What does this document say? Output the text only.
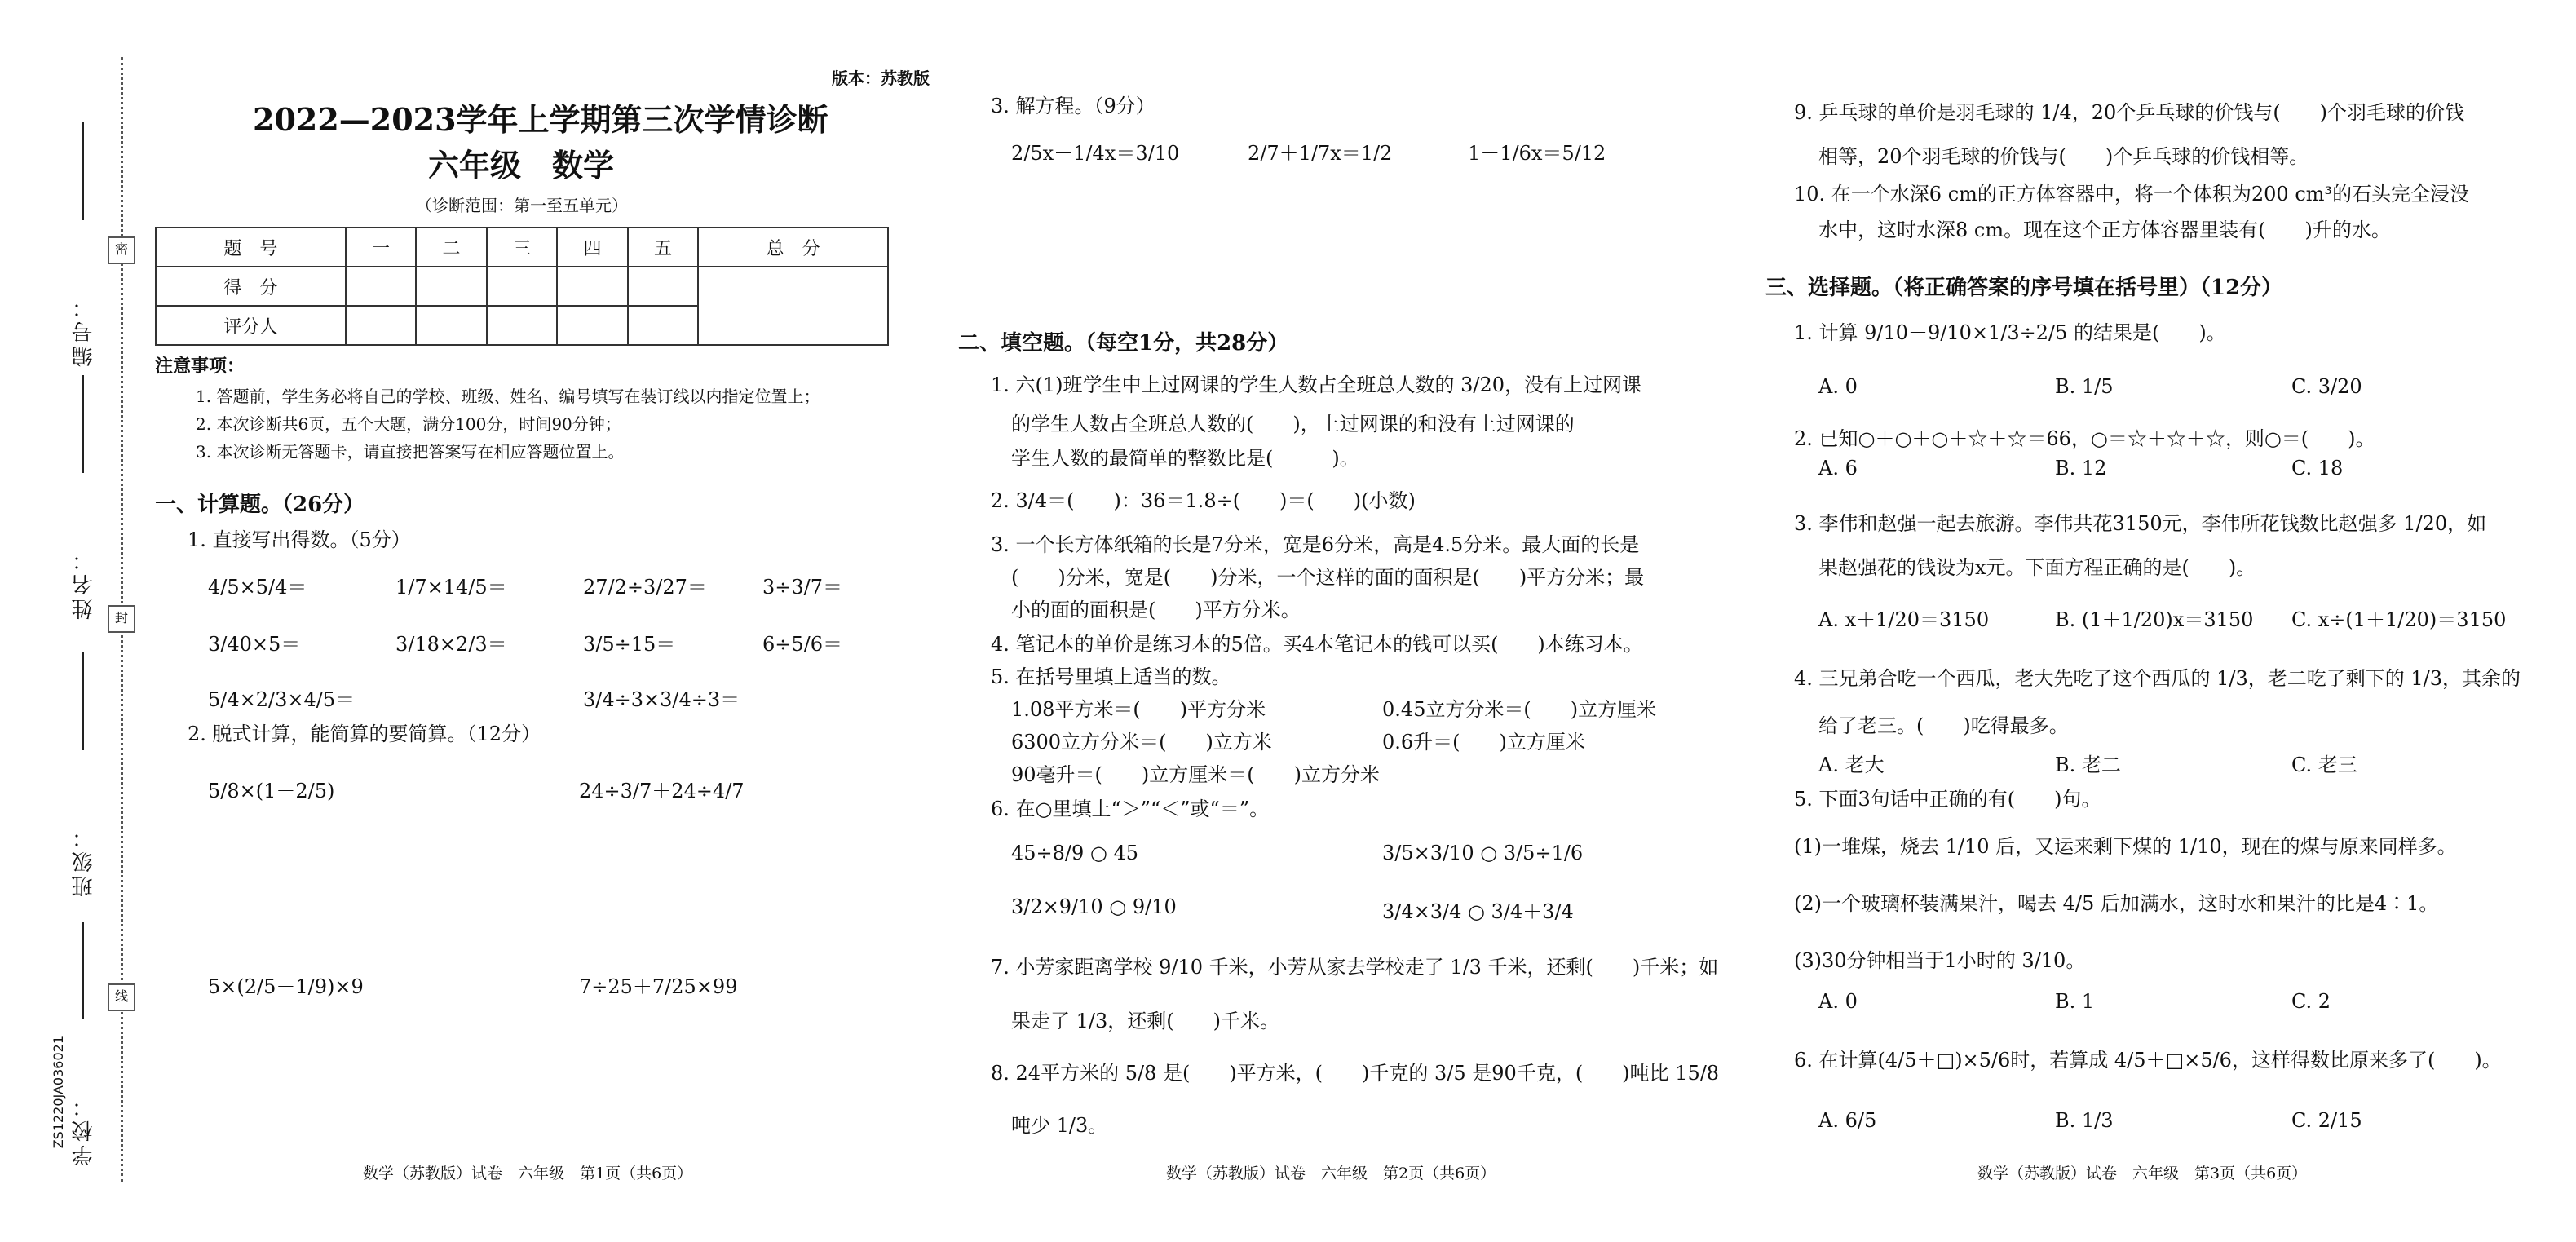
密
封
线
编号：
姓名：
班级：
学校：
ZS1220JA036021
版本：苏教版
2022—2023学年上学期第三次学情诊断
六年级　数学
（诊断范围：第一至五单元）
题　号	一	二	三	四	五	总　分
得　分						
评分人						
注意事项：
1. 答题前，学生务必将自己的学校、班级、姓名、编号填写在装订线以内指定位置上；
2. 本次诊断共6页，五个大题，满分100分，时间90分钟；
3. 本次诊断无答题卡，请直接把答案写在相应答题位置上。
一、计算题。（26分）
1. 直接写出得数。（5分）
4/5×5/4＝	1/7×14/5＝	27/2÷3/27＝	3÷3/7＝
3/40×5＝	3/18×2/3＝	3/5÷15＝	6÷5/6＝
5/4×2/3×4/5＝	3/4÷3×3/4÷3＝
2. 脱式计算，能简算的要简算。（12分）
5/8×(1－2/5)	24÷3/7＋24÷4/7
5×(2/5－1/9)×9	7÷25＋7/25×99
数学（苏教版）试卷　六年级　第1页（共6页）
3. 解方程。（9分）
2/5x－1/4x＝3/10	2/7＋1/7x＝1/2	1－1/6x＝5/12
二、填空题。（每空1分，共28分）
1. 六(1)班学生中上过网课的学生人数占全班总人数的 3/20，没有上过网课
的学生人数占全班总人数的(　　)，上过网课的和没有上过网课的
学生人数的最简单的整数比是(　　　)。
2. 3/4＝(　　)：36＝1.8÷(　　)＝(　　)(小数)
3. 一个长方体纸箱的长是7分米，宽是6分米，高是4.5分米。最大面的长是
(　　)分米，宽是(　　)分米，一个这样的面的面积是(　　)平方分米；最
小的面的面积是(　　)平方分米。
4. 笔记本的单价是练习本的5倍。买4本笔记本的钱可以买(　　)本练习本。
5. 在括号里填上适当的数。
1.08平方米＝(　　)平方分米	0.45立方分米＝(　　)立方厘米
6300立方分米＝(　　)立方米	0.6升＝(　　)立方厘米
90毫升＝(　　)立方厘米＝(　　)立方分米
6. 在○里填上“＞”“＜”或“＝”。
45÷8/9 ○ 45	3/5×3/10 ○ 3/5÷1/6
3/2×9/10 ○ 9/10	3/4×3/4 ○ 3/4＋3/4
7. 小芳家距离学校 9/10 千米，小芳从家去学校走了 1/3 千米，还剩(　　)千米；如
果走了 1/3，还剩(　　)千米。
8. 24平方米的 5/8 是(　　)平方米，(　　)千克的 3/5 是90千克，(　　)吨比 15/8
吨少 1/3。
数学（苏教版）试卷　六年级　第2页（共6页）
9. 乒乓球的单价是羽毛球的 1/4，20个乒乓球的价钱与(　　)个羽毛球的价钱
相等，20个羽毛球的价钱与(　　)个乒乓球的价钱相等。
10. 在一个水深6 cm的正方体容器中，将一个体积为200 cm³的石头完全浸没
水中，这时水深8 cm。现在这个正方体容器里装有(　　)升的水。
三、选择题。（将正确答案的序号填在括号里）（12分）
1. 计算 9/10－9/10×1/3÷2/5 的结果是(　　)。
A. 0	B. 1/5	C. 3/20
2. 已知○＋○＋○＋☆＋☆＝66，○＝☆＋☆＋☆，则○＝(　　)。
A. 6	B. 12	C. 18
3. 李伟和赵强一起去旅游。李伟共花3150元，李伟所花钱数比赵强多 1/20，如
果赵强花的钱设为x元。下面方程正确的是(　　)。
A. x＋1/20＝3150	B. (1＋1/20)x＝3150 C. x÷(1＋1/20)＝3150
4. 三兄弟合吃一个西瓜，老大先吃了这个西瓜的 1/3，老二吃了剩下的 1/3，其余的
给了老三。(　　)吃得最多。
A. 老大	B. 老二	C. 老三
5. 下面3句话中正确的有(　　)句。
(1)一堆煤，烧去 1/10 后，又运来剩下煤的 1/10，现在的煤与原来同样多。
(2)一个玻璃杯装满果汁，喝去 4/5 后加满水，这时水和果汁的比是4∶1。
(3)30分钟相当于1小时的 3/10。
A. 0	B. 1	C. 2
6. 在计算(4/5＋□)×5/6时，若算成 4/5＋□×5/6，这样得数比原来多了(　　)。
A. 6/5	B. 1/3	C. 2/15
数学（苏教版）试卷　六年级　第3页（共6页）
